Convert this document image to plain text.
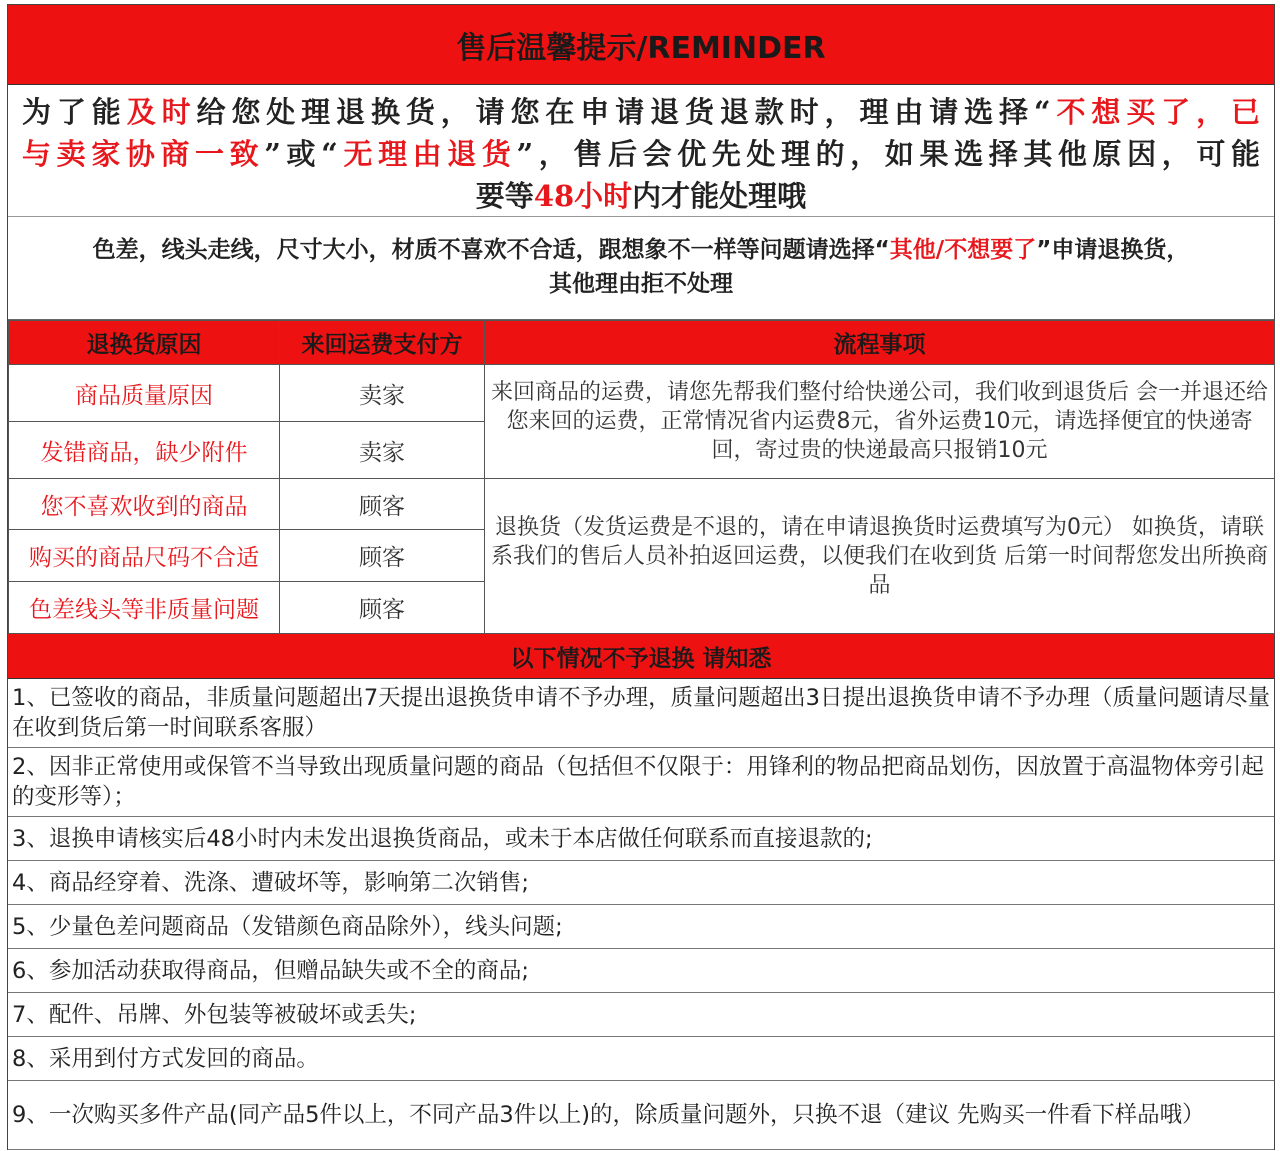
售后温馨提示/REMINDER
为了能及时给您处理退换货，请您在申请退货退款时，理由请选择“不想买了，已
与卖家协商一致”或“无理由退货”，售后会优先处理的，如果选择其他原因，可能
要等48小时内才能处理哦
色差，线头走线，尺寸大小，材质不喜欢不合适，跟想象不一样等问题请选择“其他/不想要了”申请退换货，
其他理由拒不处理
退换货原因	来回运费支付方	流程事项
商品质量原因	卖家	来回商品的运费，请您先帮我们整付给快递公司，我们收到退货后 会一并退还给您来回的运费，正常情况省内运费8元，省外运费10元，请选择便宜的快递寄回，寄过贵的快递最高只报销10元
发错商品，缺少附件	卖家	
您不喜欢收到的商品	顾客	退换货（发货运费是不退的，请在申请退换货时运费填写为0元） 如换货，请联系我们的售后人员补拍返回运费，以便我们在收到货 后第一时间帮您发出所换商品
购买的商品尺码不合适	顾客	
色差线头等非质量问题	顾客	
以下情况不予退换 请知悉
1、已签收的商品，非质量问题超出7天提出退换货申请不予办理，质量问题超出3日提出退换货申请不予办理（质量问题请尽量在收到货后第一时间联系客服）
2、因非正常使用或保管不当导致出现质量问题的商品（包括但不仅限于：用锋利的物品把商品划伤，因放置于高温物体旁引起的变形等）；
3、退换申请核实后48小时内未发出退换货商品，或未于本店做任何联系而直接退款的;
4、商品经穿着、洗涤、遭破坏等，影响第二次销售;
5、少量色差问题商品（发错颜色商品除外），线头问题;
6、参加活动获取得商品，但赠品缺失或不全的商品;
7、配件、吊牌、外包装等被破坏或丢失;
8、采用到付方式发回的商品。
9、一次购买多件产品(同产品5件以上，不同产品3件以上)的，除质量问题外，只换不退（建议 先购买一件看下样品哦）
